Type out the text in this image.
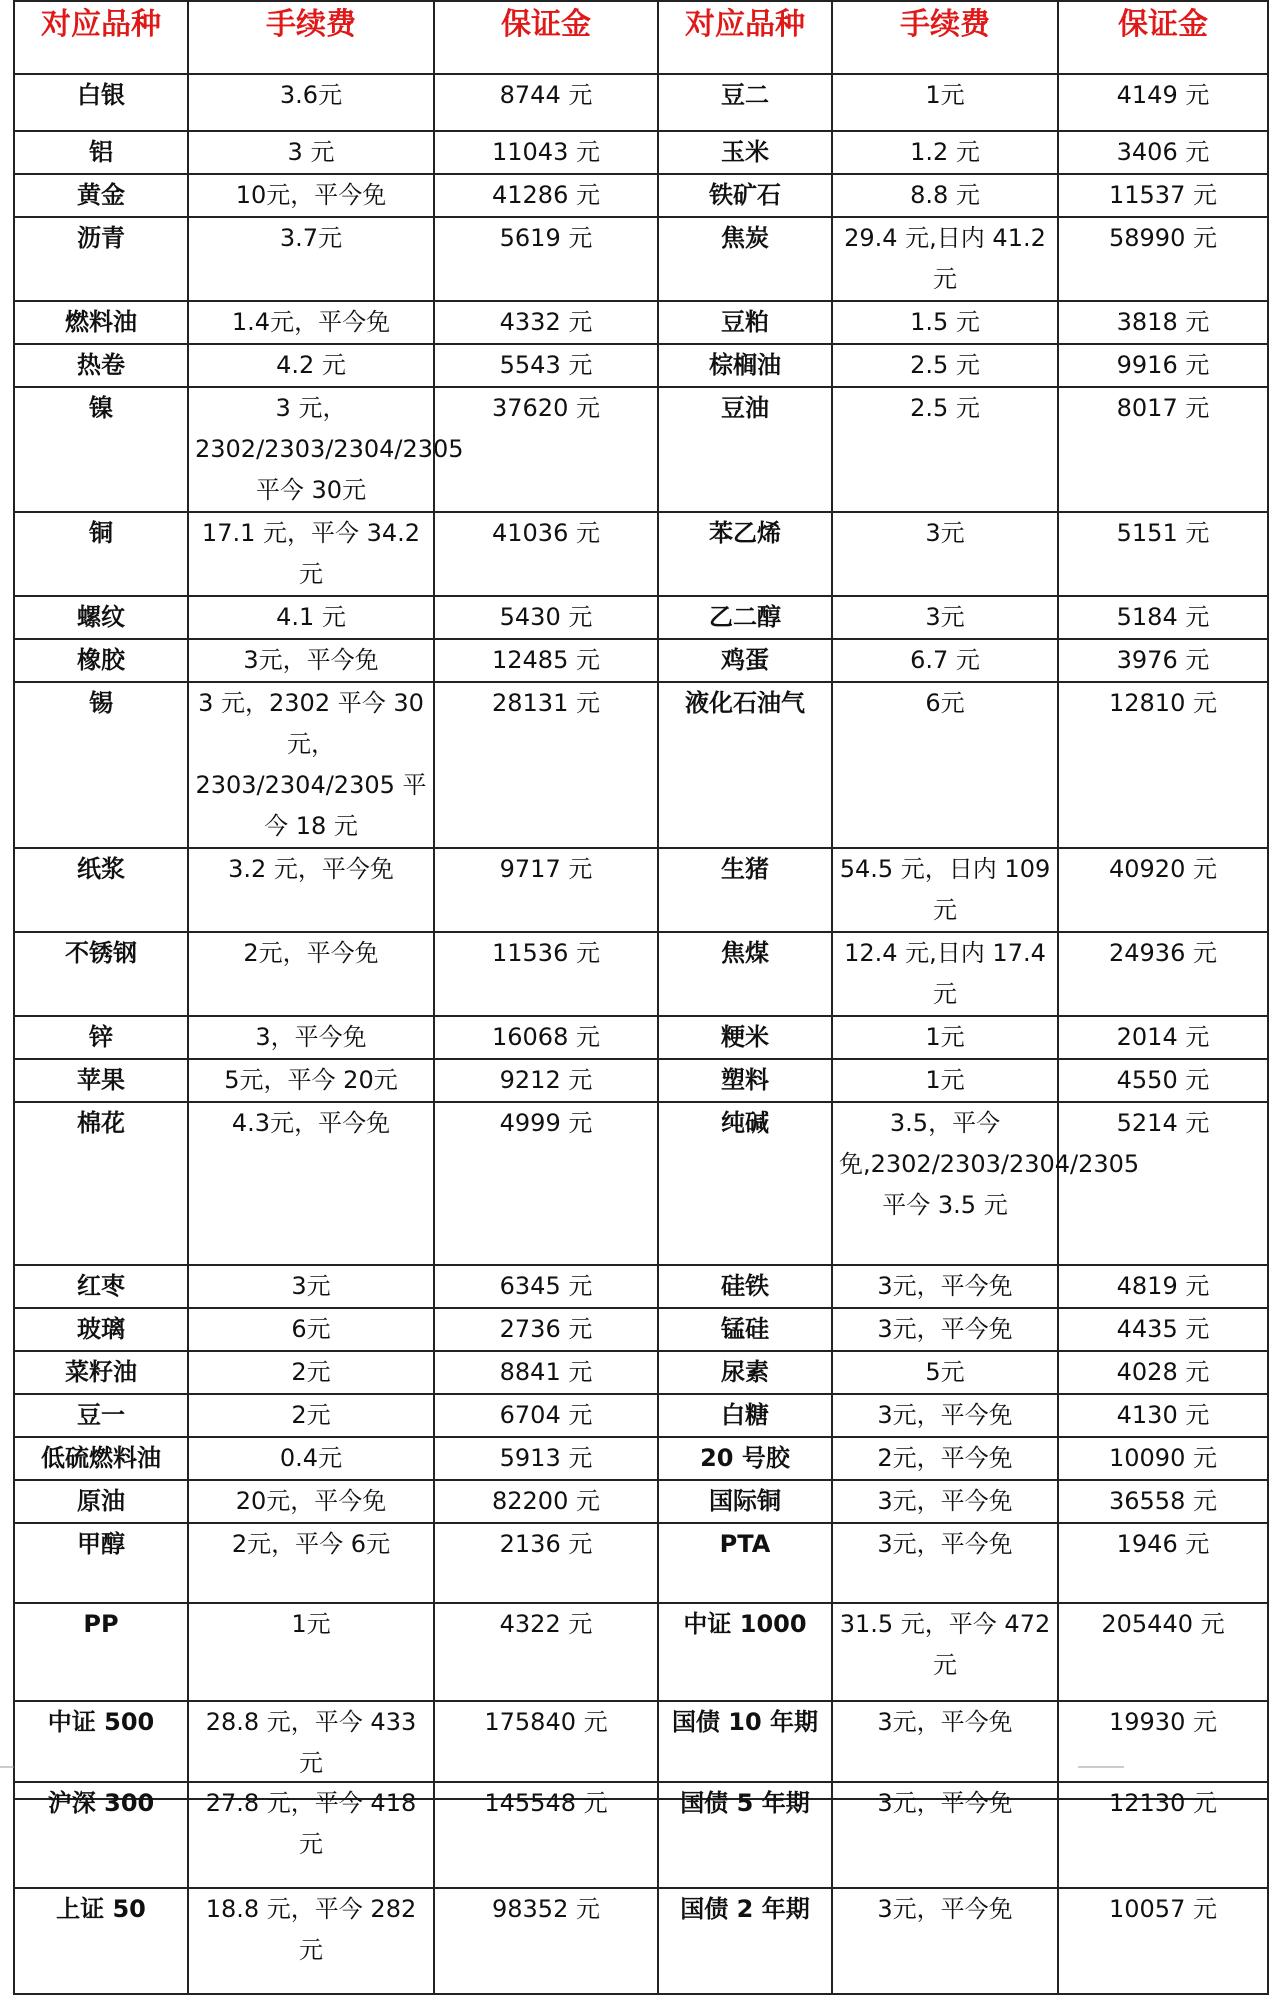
对应品种	手续费	保证金	对应品种	手续费	保证金
白银	3.6元	8744 元	豆二	1元	4149 元
铝	3 元	11043 元	玉米	1.2 元	3406 元
黄金	10元，平今免	41286 元	铁矿石	8.8 元	11537 元
沥青	3.7元	5619 元	焦炭	29.4 元,日内 41.2 元	58990 元
燃料油	1.4元，平今免	4332 元	豆粕	1.5 元	3818 元
热卷	4.2 元	5543 元	棕榈油	2.5 元	9916 元
镍	3 元，2302/2303/2304/2305 平今 30元	37620 元	豆油	2.5 元	8017 元
铜	17.1 元，平今 34.2 元	41036 元	苯乙烯	3元	5151 元
螺纹	4.1 元	5430 元	乙二醇	3元	5184 元
橡胶	3元，平今免	12485 元	鸡蛋	6.7 元	3976 元
锡	3 元，2302 平今 30 元，2303/2304/2305 平今 18 元	28131 元	液化石油气	6元	12810 元
纸浆	3.2 元，平今免	9717 元	生猪	54.5 元，日内 109 元	40920 元
不锈钢	2元，平今免	11536 元	焦煤	12.4 元,日内 17.4 元	24936 元
锌	3，平今免	16068 元	粳米	1元	2014 元
苹果	5元，平今 20元	9212 元	塑料	1元	4550 元
棉花	4.3元，平今免	4999 元	纯碱	3.5，平今免,2302/2303/2304/2305 平今 3.5 元	5214 元
红枣	3元	6345 元	硅铁	3元，平今免	4819 元
玻璃	6元	2736 元	锰硅	3元，平今免	4435 元
菜籽油	2元	8841 元	尿素	5元	4028 元
豆一	2元	6704 元	白糖	3元，平今免	4130 元
低硫燃料油	0.4元	5913 元	20 号胶	2元，平今免	10090 元
原油	20元，平今免	82200 元	国际铜	3元，平今免	36558 元
甲醇	2元，平今 6元	2136 元	PTA	3元，平今免	1946 元
PP	1元	4322 元	中证 1000	31.5 元，平今 472 元	205440 元
中证 500	28.8 元，平今 433 元	175840 元	国债 10 年期	3元，平今免	19930 元
沪深 300	27.8 元，平今 418 元	145548 元	国债 5 年期	3元，平今免	12130 元
上证 50	18.8 元，平今 282 元	98352 元	国债 2 年期	3元，平今免	10057 元
